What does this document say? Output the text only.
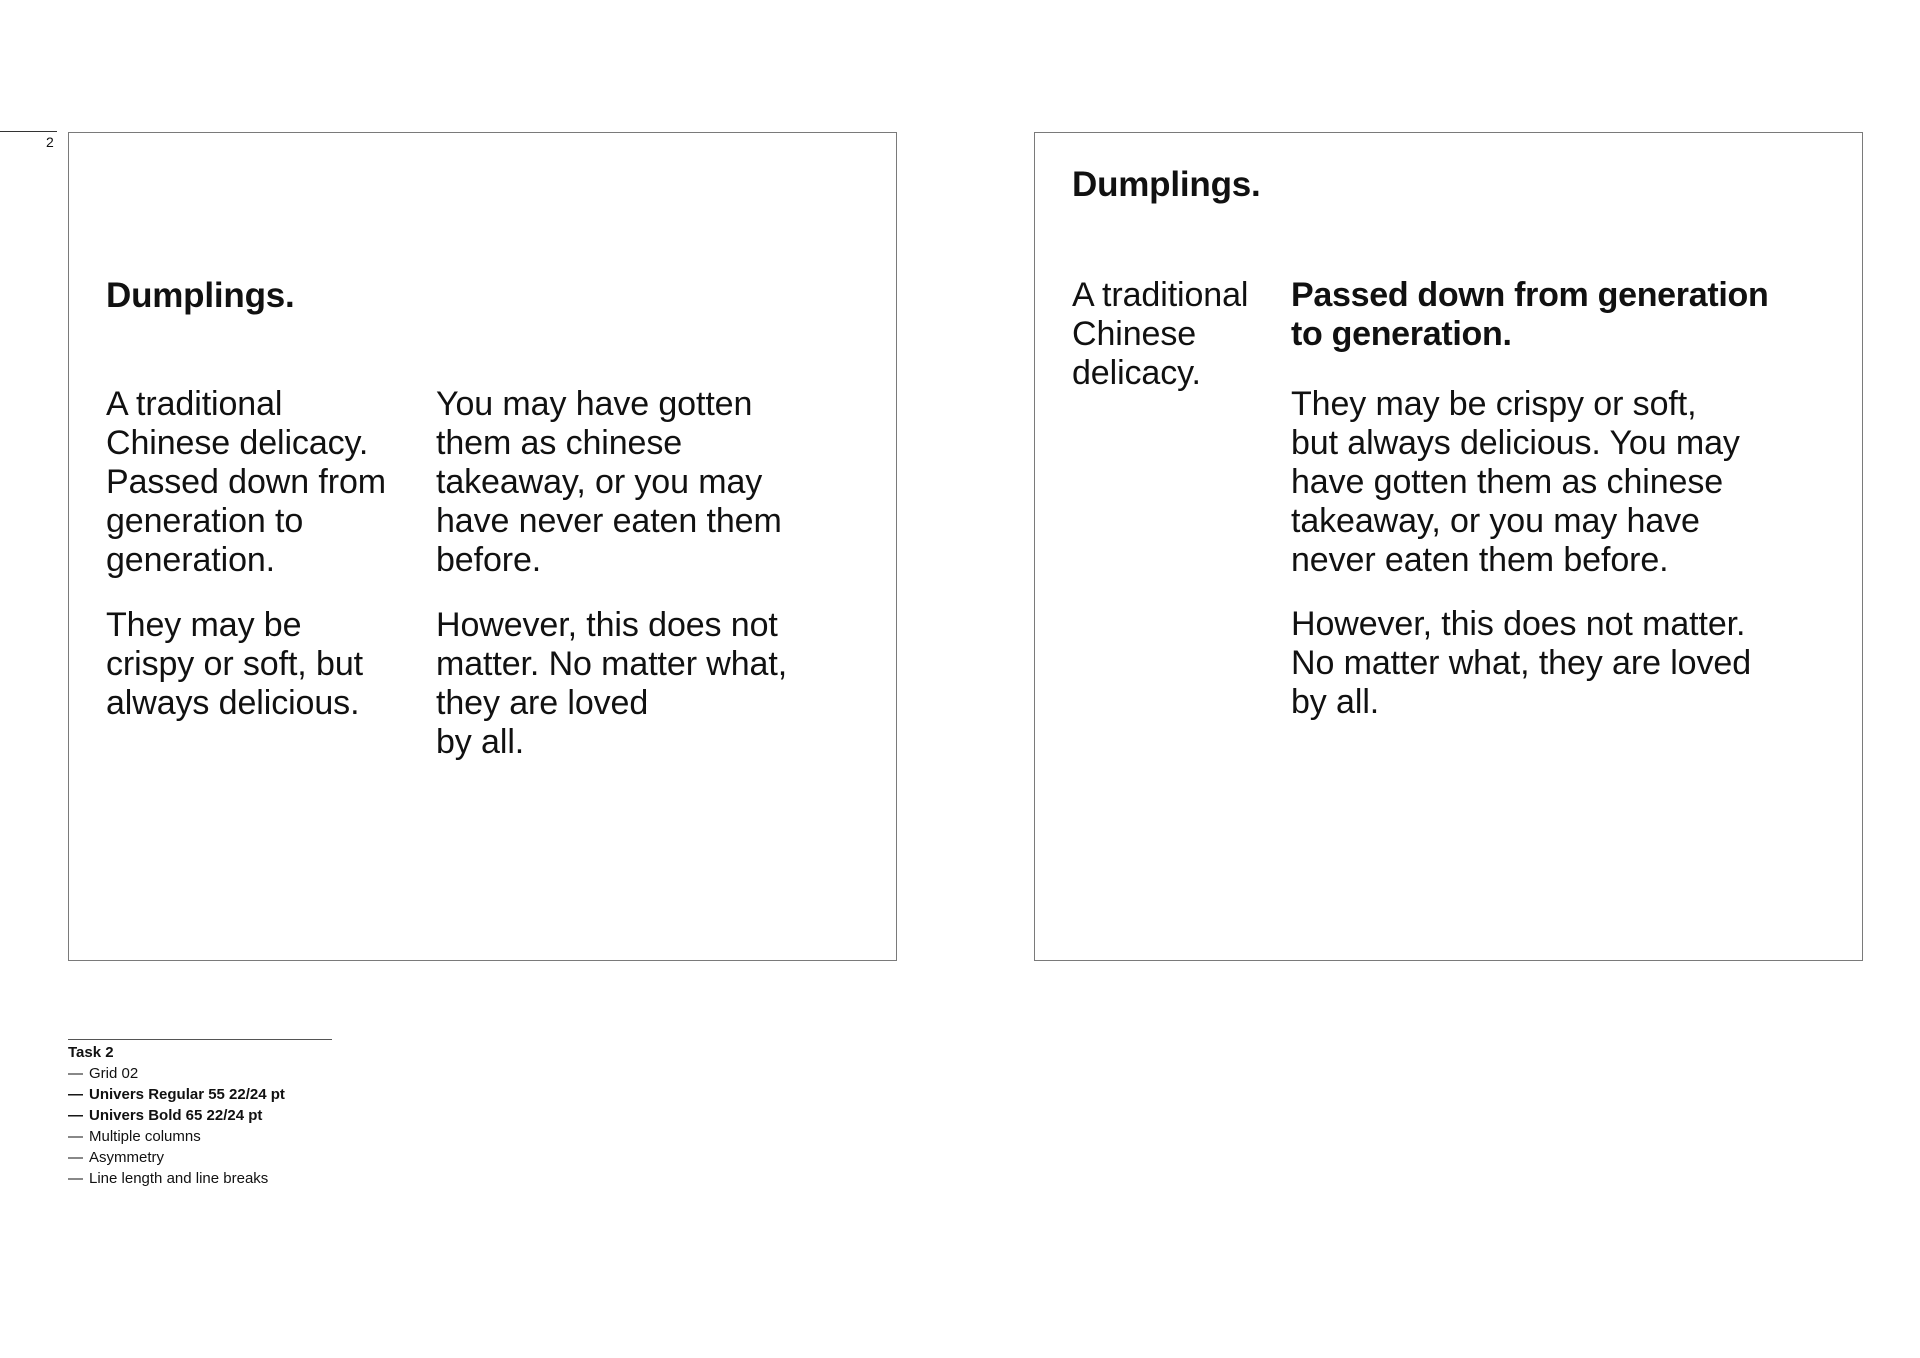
2
Dumplings.

A traditional
Chinese delicacy.
Passed down from
generation to
generation.

They may be
crispy or soft, but
always delicious.

You may have gotten
them as chinese
takeaway, or you may
have never eaten them
before.

However, this does not
matter. No matter what,
they are loved
by all.

Dumplings.

A traditional
Chinese
delicacy.

Passed down from generation
to generation.

They may be crispy or soft,
but always delicious. You may
have gotten them as chinese
takeaway, or you may have
never eaten them before.

However, this does not matter.
No matter what, they are loved
by all.

Task 2

— Grid 02
— Univers Regular 55 22/24 pt
— Univers Bold 65 22/24 pt
— Multiple columns
— Asymmetry
— Line length and line breaks
